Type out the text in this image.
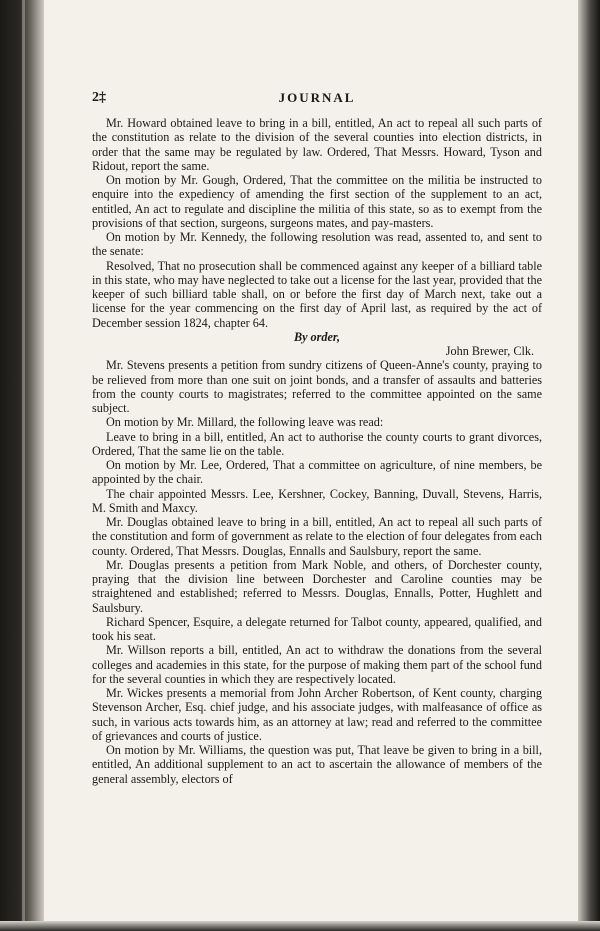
2‡	JOURNAL

Mr. Howard obtained leave to bring in a bill, entitled, An act to repeal all such parts of the constitution as relate to the division of the several counties into election districts, in order that the same may be regulated by law. Ordered, That Messrs. Howard, Tyson and Ridout, report the same.

On motion by Mr. Gough, Ordered, That the committee on the militia be instructed to enquire into the expediency of amending the first section of the supplement to an act, entitled, An act to regulate and discipline the militia of this state, so as to exempt from the provisions of that section, surgeons, surgeons mates, and pay-masters.

On motion by Mr. Kennedy, the following resolution was read, assented to, and sent to the senate:

Resolved, That no prosecution shall be commenced against any keeper of a billiard table in this state, who may have neglected to take out a license for the last year, provided that the keeper of such billiard table shall, on or before the first day of March next, take out a license for the year commencing on the first day of April last, as required by the act of December session 1824, chapter 64.

By order,
John Brewer, Clk.

Mr. Stevens presents a petition from sundry citizens of Queen-Anne's county, praying to be relieved from more than one suit on joint bonds, and a transfer of assaults and batteries from the county courts to magistrates; referred to the committee appointed on the same subject.

On motion by Mr. Millard, the following leave was read:

Leave to bring in a bill, entitled, An act to authorise the county courts to grant divorces, Ordered, That the same lie on the table.

On motion by Mr. Lee, Ordered, That a committee on agriculture, of nine members, be appointed by the chair.

The chair appointed Messrs. Lee, Kershner, Cockey, Banning, Duvall, Stevens, Harris, M. Smith and Maxcy.

Mr. Douglas obtained leave to bring in a bill, entitled, An act to repeal all such parts of the constitution and form of government as relate to the election of four delegates from each county. Ordered, That Messrs. Douglas, Ennalls and Saulsbury, report the same.

Mr. Douglas presents a petition from Mark Noble, and others, of Dorchester county, praying that the division line between Dorchester and Caroline counties may be straightened and established; referred to Messrs. Douglas, Ennalls, Potter, Hughlett and Saulsbury.

Richard Spencer, Esquire, a delegate returned for Talbot county, appeared, qualified, and took his seat.

Mr. Willson reports a bill, entitled, An act to withdraw the donations from the several colleges and academies in this state, for the purpose of making them part of the school fund for the several counties in which they are respectively located.

Mr. Wickes presents a memorial from John Archer Robertson, of Kent county, charging Stevenson Archer, Esq. chief judge, and his associate judges, with malfeasance of office as such, in various acts towards him, as an attorney at law; read and referred to the committee of grievances and courts of justice.

On motion by Mr. Williams, the question was put, That leave be given to bring in a bill, entitled, An additional supplement to an act to ascertain the allowance of members of the general assembly, electors of
